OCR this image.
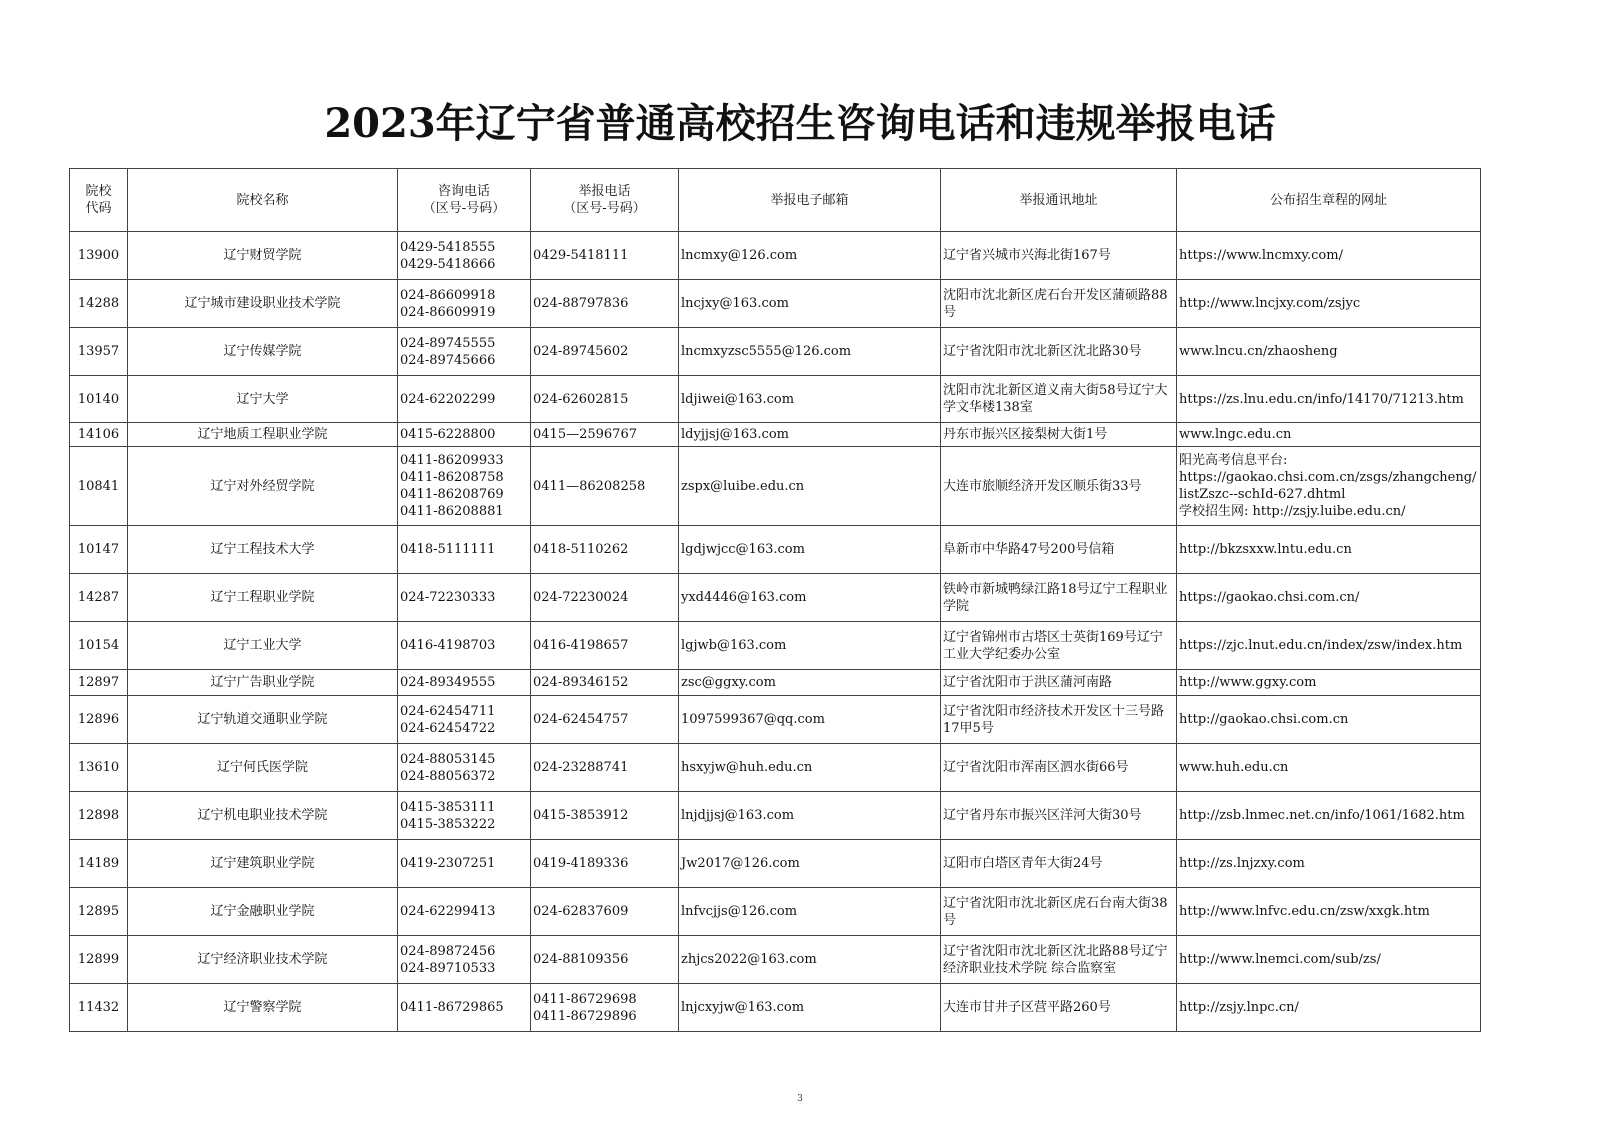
2023年辽宁省普通高校招生咨询电话和违规举报电话
院校
代码	院校名称	咨询电话
（区号-号码）	举报电话
（区号-号码）	举报电子邮箱	举报通讯地址	公布招生章程的网址
13900	辽宁财贸学院	0429-5418555
0429-5418666	0429-5418111	lncmxy@126.com	辽宁省兴城市兴海北街167号	https://www.lncmxy.com/
14288	辽宁城市建设职业技术学院	024-86609918
024-86609919	024-88797836	lncjxy@163.com	沈阳市沈北新区虎石台开发区蒲硕路88号	http://www.lncjxy.com/zsjyc
13957	辽宁传媒学院	024-89745555
024-89745666	024-89745602	lncmxyzsc5555@126.com	辽宁省沈阳市沈北新区沈北路30号	www.lncu.cn/zhaosheng
10140	辽宁大学	024-62202299	024-62602815	ldjiwei@163.com	沈阳市沈北新区道义南大街58号辽宁大学文华楼138室	https://zs.lnu.edu.cn/info/14170/71213.htm
14106	辽宁地质工程职业学院	0415-6228800	0415—2596767	ldyjjsj@163.com	丹东市振兴区接梨树大街1号	www.lngc.edu.cn
10841	辽宁对外经贸学院	0411-86209933
0411-86208758
0411-86208769
0411-86208881	0411—86208258	zspx@luibe.edu.cn	大连市旅顺经济开发区顺乐街33号	阳光高考信息平台:
https://gaokao.chsi.com.cn/zsgs/zhangcheng/listZszc--schId-627.dhtml
学校招生网: http://zsjy.luibe.edu.cn/
10147	辽宁工程技术大学	0418-5111111	0418-5110262	lgdjwjcc@163.com	阜新市中华路47号200号信箱	http://bkzsxxw.lntu.edu.cn
14287	辽宁工程职业学院	024-72230333	024-72230024	yxd4446@163.com	铁岭市新城鸭绿江路18号辽宁工程职业学院	https://gaokao.chsi.com.cn/
10154	辽宁工业大学	0416-4198703	0416-4198657	lgjwb@163.com	辽宁省锦州市古塔区士英街169号辽宁工业大学纪委办公室	https://zjc.lnut.edu.cn/index/zsw/index.htm
12897	辽宁广告职业学院	024-89349555	024-89346152	zsc@ggxy.com	辽宁省沈阳市于洪区蒲河南路	http://www.ggxy.com
12896	辽宁轨道交通职业学院	024-62454711
024-62454722	024-62454757	1097599367@qq.com	辽宁省沈阳市经济技术开发区十三号路17甲5号	http://gaokao.chsi.com.cn
13610	辽宁何氏医学院	024-88053145
024-88056372	024-23288741	hsxyjw@huh.edu.cn	辽宁省沈阳市浑南区泗水街66号	www.huh.edu.cn
12898	辽宁机电职业技术学院	0415-3853111
0415-3853222	0415-3853912	lnjdjjsj@163.com	辽宁省丹东市振兴区洋河大街30号	http://zsb.lnmec.net.cn/info/1061/1682.htm
14189	辽宁建筑职业学院	0419-2307251	0419-4189336	Jw2017@126.com	辽阳市白塔区青年大街24号	http://zs.lnjzxy.com
12895	辽宁金融职业学院	024-62299413	024-62837609	lnfvcjjs@126.com	辽宁省沈阳市沈北新区虎石台南大街38号	http://www.lnfvc.edu.cn/zsw/xxgk.htm
12899	辽宁经济职业技术学院	024-89872456
024-89710533	024-88109356	zhjcs2022@163.com	辽宁省沈阳市沈北新区沈北路88号辽宁经济职业技术学院 综合监察室	http://www.lnemci.com/sub/zs/
11432	辽宁警察学院	0411-86729865	0411-86729698
0411-86729896	lnjcxyjw@163.com	大连市甘井子区营平路260号	http://zsjy.lnpc.cn/
3
